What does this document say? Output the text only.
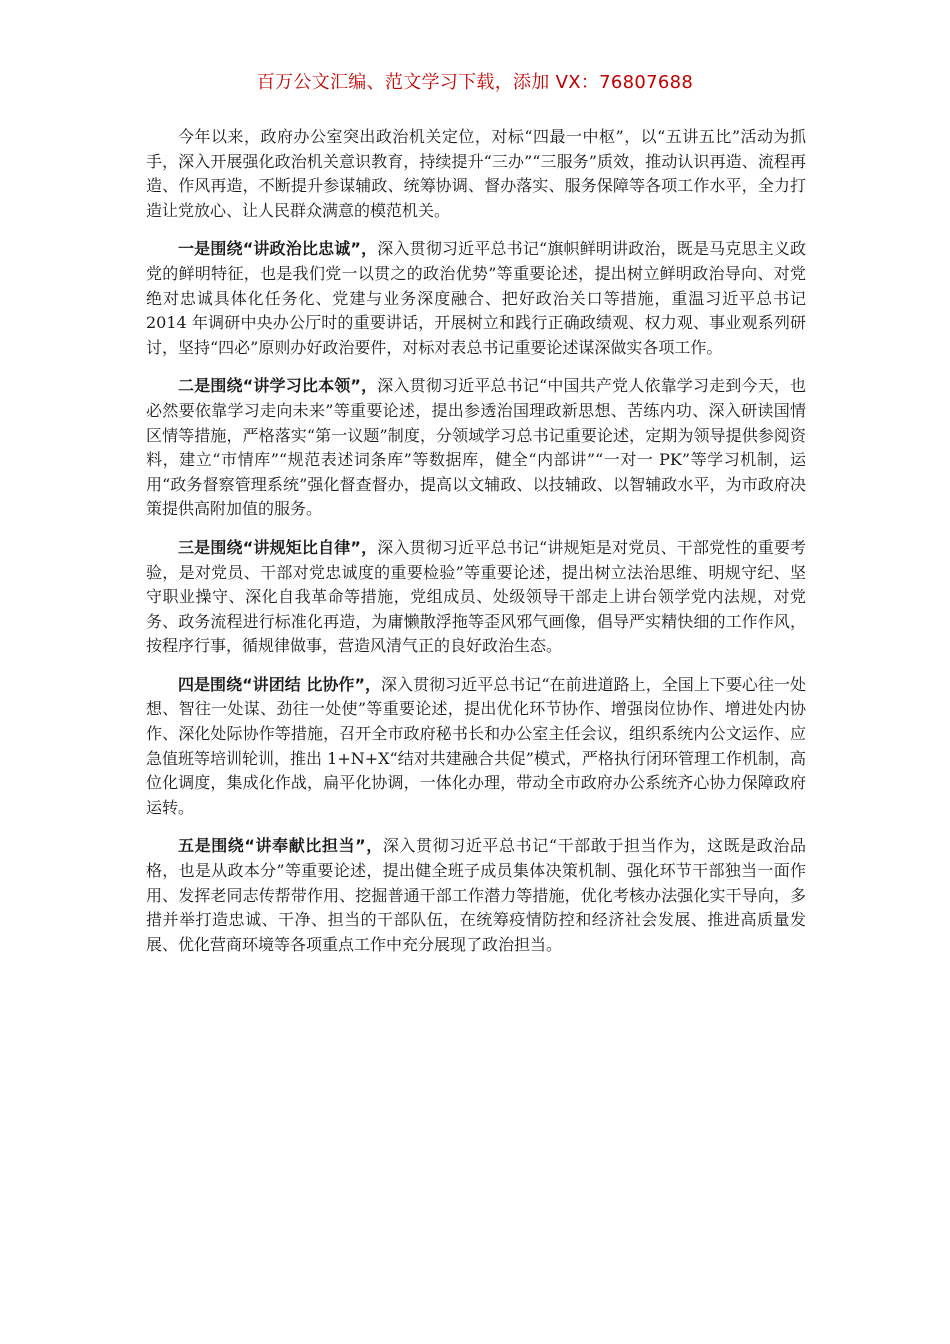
百万公文汇编、范文学习下载，添加 VX：76807688

今年以来，政府办公室突出政治机关定位，对标“四最一中枢”，以“五讲五比”活动为抓手，深入开展强化政治机关意识教育，持续提升“三办”“三服务”质效，推动认识再造、流程再造、作风再造，不断提升参谋辅政、统筹协调、督办落实、服务保障等各项工作水平，全力打造让党放心、让人民群众满意的模范机关。

一是围绕“讲政治比忠诚”，深入贯彻习近平总书记“旗帜鲜明讲政治，既是马克思主义政党的鲜明特征，也是我们党一以贯之的政治优势”等重要论述，提出树立鲜明政治导向、对党绝对忠诚具体化任务化、党建与业务深度融合、把好政治关口等措施，重温习近平总书记 2014 年调研中央办公厅时的重要讲话，开展树立和践行正确政绩观、权力观、事业观系列研讨，坚持“四必”原则办好政治要件，对标对表总书记重要论述谋深做实各项工作。

二是围绕“讲学习比本领”，深入贯彻习近平总书记“中国共产党人依靠学习走到今天，也必然要依靠学习走向未来”等重要论述，提出参透治国理政新思想、苦练内功、深入研读国情区情等措施，严格落实“第一议题”制度，分领域学习总书记重要论述，定期为领导提供参阅资料，建立“市情库”“规范表述词条库”等数据库，健全“内部讲”“一对一 PK”等学习机制，运用“政务督察管理系统”强化督查督办，提高以文辅政、以技辅政、以智辅政水平，为市政府决策提供高附加值的服务。

三是围绕“讲规矩比自律”，深入贯彻习近平总书记“讲规矩是对党员、干部党性的重要考验，是对党员、干部对党忠诚度的重要检验”等重要论述，提出树立法治思维、明规守纪、坚守职业操守、深化自我革命等措施，党组成员、处级领导干部走上讲台领学党内法规，对党务、政务流程进行标准化再造，为庸懒散浮拖等歪风邪气画像，倡导严实精快细的工作作风，按程序行事，循规律做事，营造风清气正的良好政治生态。

四是围绕“讲团结 比协作”，深入贯彻习近平总书记“在前进道路上，全国上下要心往一处想、智往一处谋、劲往一处使”等重要论述，提出优化环节协作、增强岗位协作、增进处内协作、深化处际协作等措施，召开全市政府秘书长和办公室主任会议，组织系统内公文运作、应急值班等培训轮训，推出 1+N+X“结对共建融合共促”模式，严格执行闭环管理工作机制，高位化调度，集成化作战，扁平化协调，一体化办理，带动全市政府办公系统齐心协力保障政府运转。

五是围绕“讲奉献比担当”，深入贯彻习近平总书记“干部敢于担当作为，这既是政治品格，也是从政本分”等重要论述，提出健全班子成员集体决策机制、强化环节干部独当一面作用、发挥老同志传帮带作用、挖掘普通干部工作潜力等措施，优化考核办法强化实干导向，多措并举打造忠诚、干净、担当的干部队伍，在统筹疫情防控和经济社会发展、推进高质量发展、优化营商环境等各项重点工作中充分展现了政治担当。
